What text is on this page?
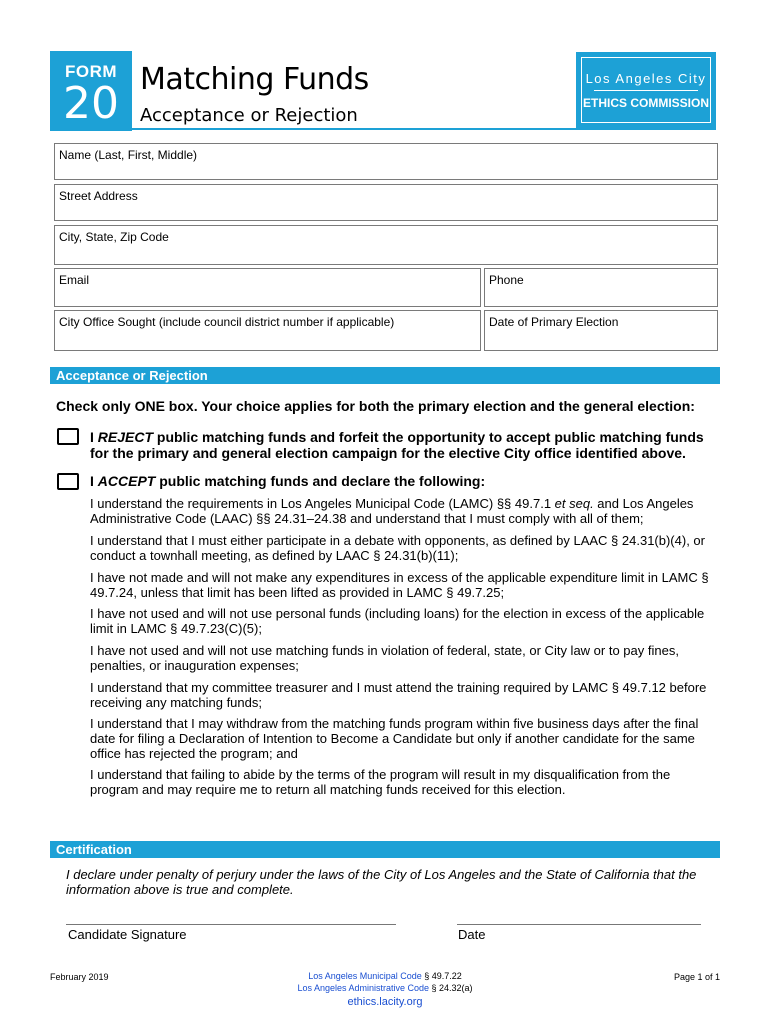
FORM
20 Matching Funds
Acceptance or Rejection
Los Angeles City
ETHICS COMMISSION
Name (Last, First, Middle)
Street Address
City, State, Zip Code
Email	Phone
City Office Sought (include council district number if applicable)	Date of Primary Election
Acceptance or Rejection
Check only ONE box. Your choice applies for both the primary election and the general election:
I REJECT public matching funds and forfeit the opportunity to accept public matching funds for the primary and general election campaign for the elective City office identified above.
I ACCEPT public matching funds and declare the following:
I understand the requirements in Los Angeles Municipal Code (LAMC) §§ 49.7.1 et seq. and Los Angeles Administrative Code (LAAC) §§ 24.31–24.38 and understand that I must comply with all of them;
I understand that I must either participate in a debate with opponents, as defined by LAAC § 24.31(b)(4), or conduct a townhall meeting, as defined by LAAC § 24.31(b)(11);
I have not made and will not make any expenditures in excess of the applicable expenditure limit in LAMC § 49.7.24, unless that limit has been lifted as provided in LAMC § 49.7.25;
I have not used and will not use personal funds (including loans) for the election in excess of the applicable limit in LAMC § 49.7.23(C)(5);
I have not used and will not use matching funds in violation of federal, state, or City law or to pay fines, penalties, or inauguration expenses;
I understand that my committee treasurer and I must attend the training required by LAMC § 49.7.12 before receiving any matching funds;
I understand that I may withdraw from the matching funds program within five business days after the final date for filing a Declaration of Intention to Become a Candidate but only if another candidate for the same office has rejected the program; and
I understand that failing to abide by the terms of the program will result in my disqualification from the program and may require me to return all matching funds received for this election.
Certification
I declare under penalty of perjury under the laws of the City of Los Angeles and the State of California that the information above is true and complete.
Candidate Signature	Date
February 2019	Los Angeles Municipal Code § 49.7.22
Los Angeles Administrative Code § 24.32(a)
ethics.lacity.org
Page 1 of 1
